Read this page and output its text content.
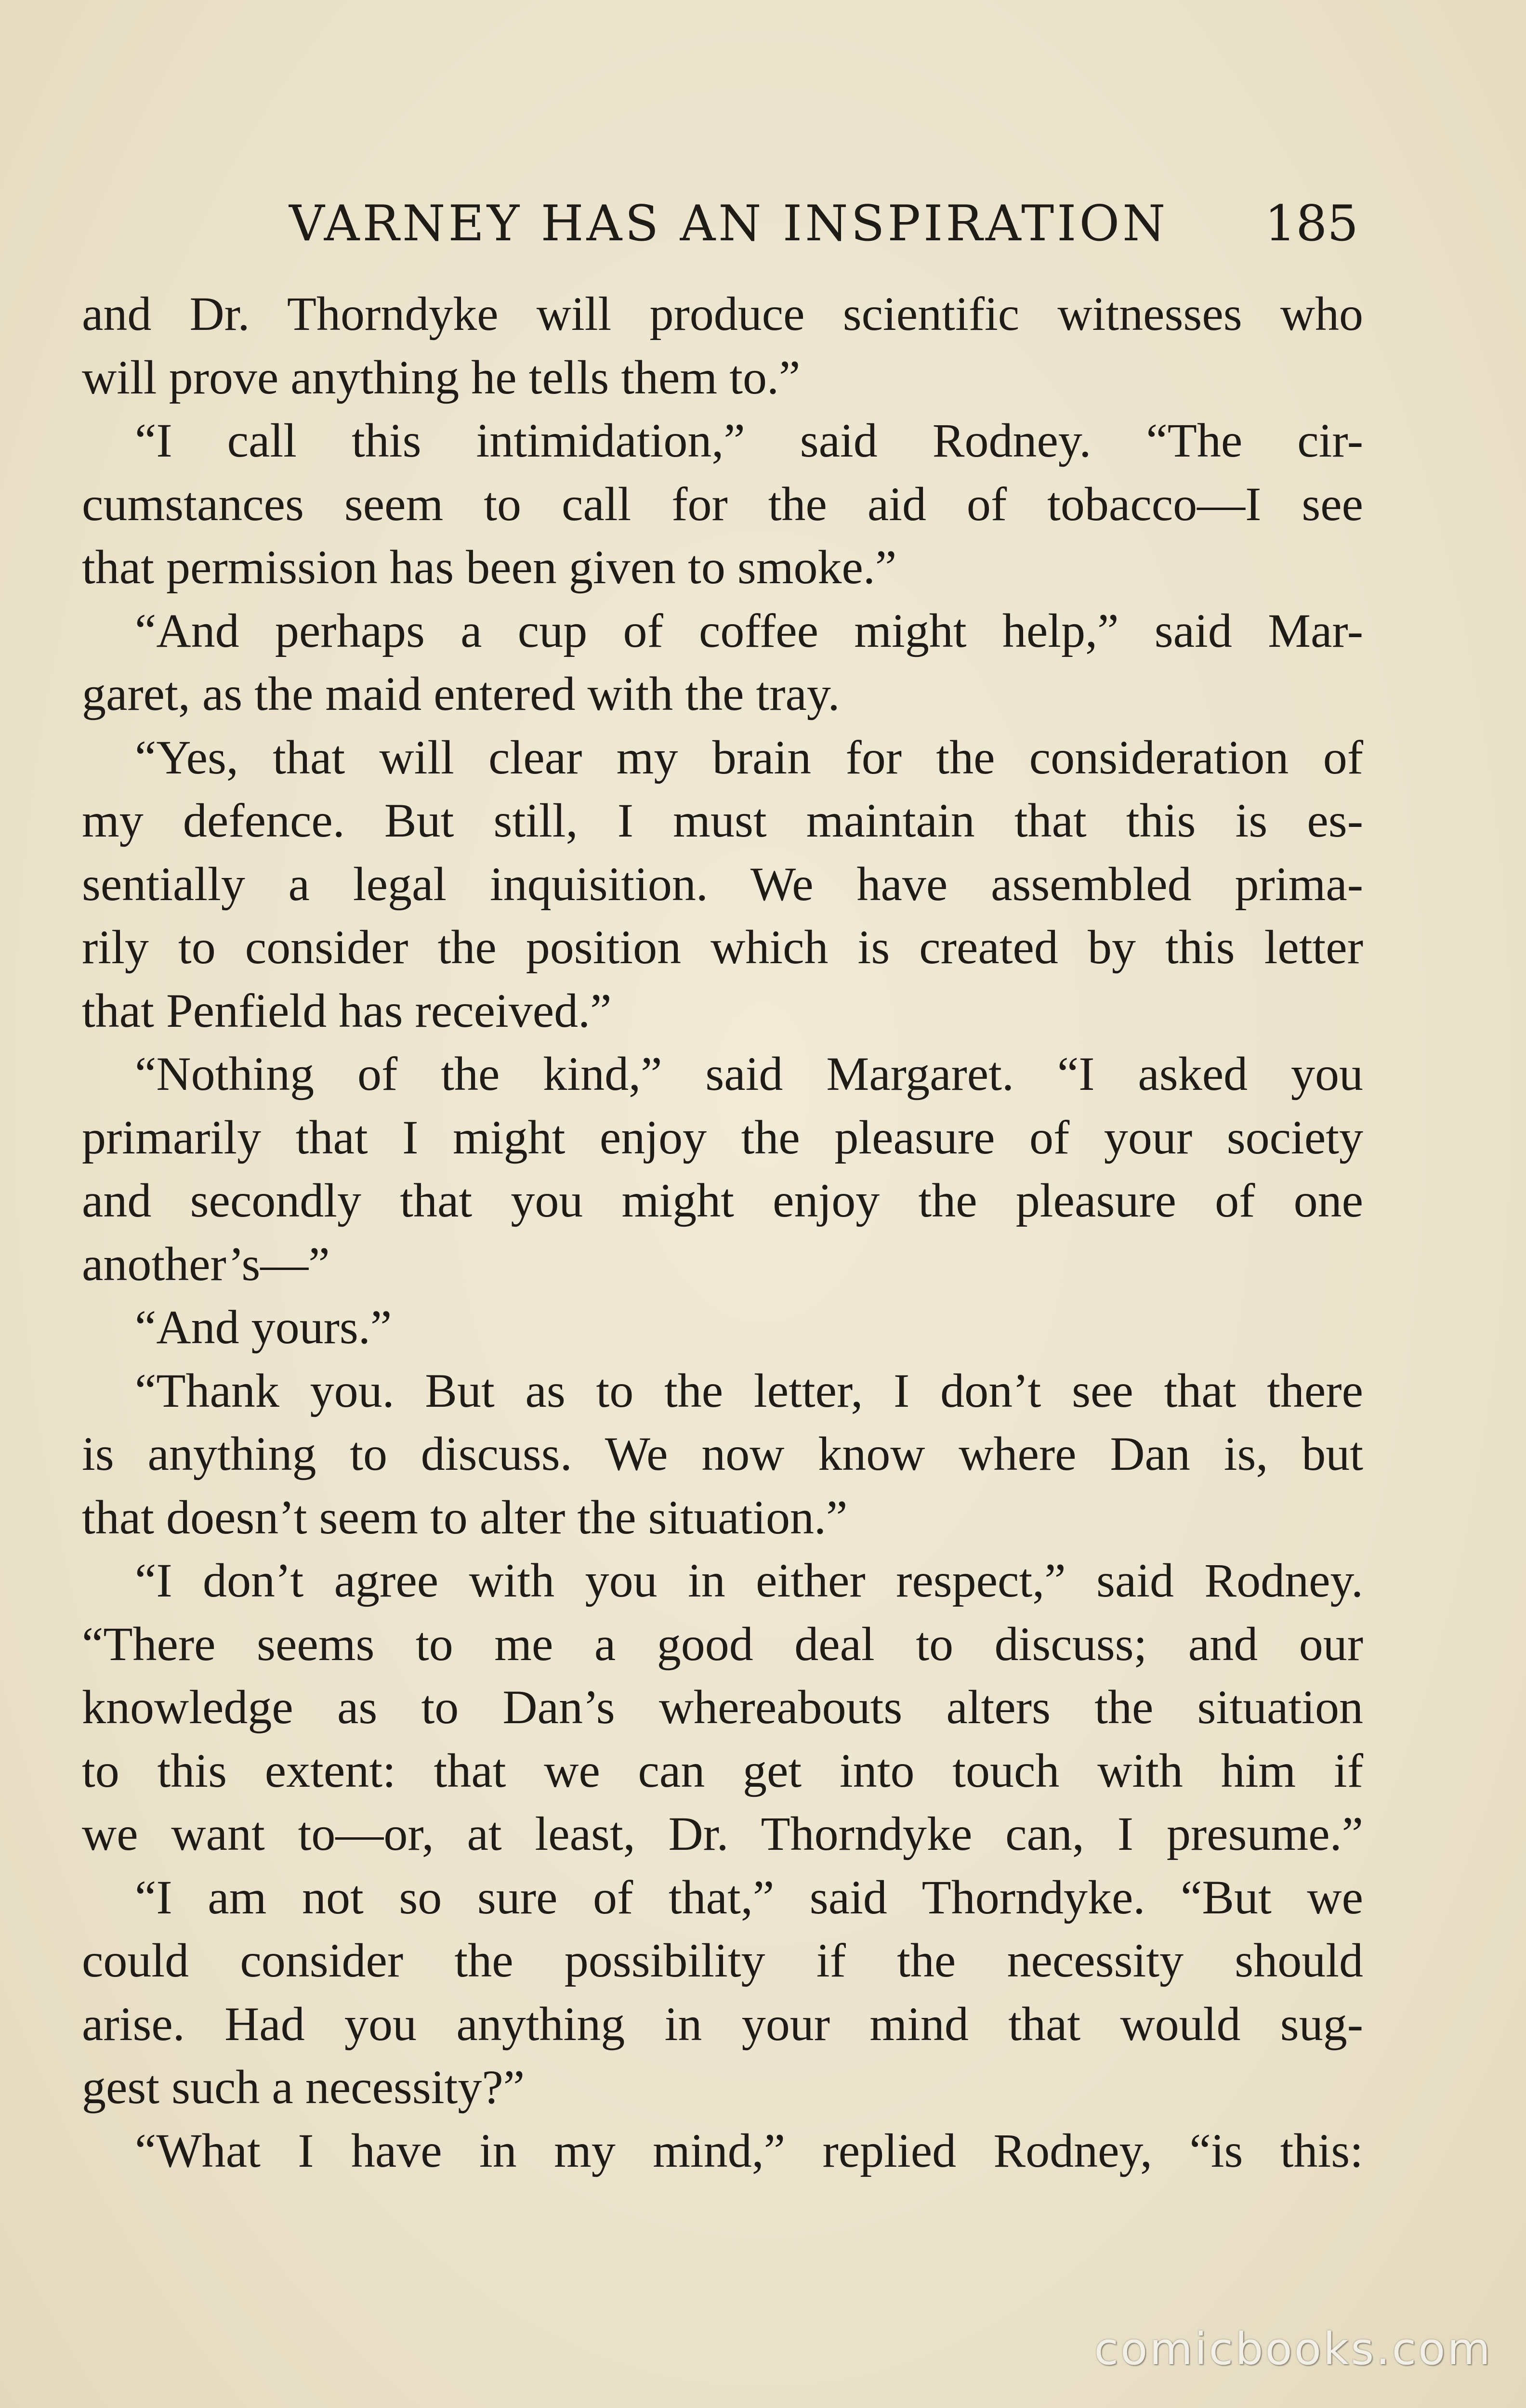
VARNEY HAS AN INSPIRATION 185
and Dr. Thorndyke will produce scientific witnesses who
will prove anything he tells them to.”
“I call this intimidation,” said Rodney. “The cir-
cumstances seem to call for the aid of tobacco—I see
that permission has been given to smoke.”
“And perhaps a cup of coffee might help,” said Mar-
garet, as the maid entered with the tray.
“Yes, that will clear my brain for the consideration of
my defence. But still, I must maintain that this is es-
sentially a legal inquisition. We have assembled prima-
rily to consider the position which is created by this letter
that Penfield has received.”
“Nothing of the kind,” said Margaret. “I asked you
primarily that I might enjoy the pleasure of your society
and secondly that you might enjoy the pleasure of one
another’s—”
“And yours.”
“Thank you. But as to the letter, I don’t see that there
is anything to discuss. We now know where Dan is, but
that doesn’t seem to alter the situation.”
“I don’t agree with you in either respect,” said Rodney.
“There seems to me a good deal to discuss; and our
knowledge as to Dan’s whereabouts alters the situation
to this extent: that we can get into touch with him if
we want to—or, at least, Dr. Thorndyke can, I presume.”
“I am not so sure of that,” said Thorndyke. “But we
could consider the possibility if the necessity should
arise. Had you anything in your mind that would sug-
gest such a necessity?”
“What I have in my mind,” replied Rodney, “is this:
comicbooks.com
